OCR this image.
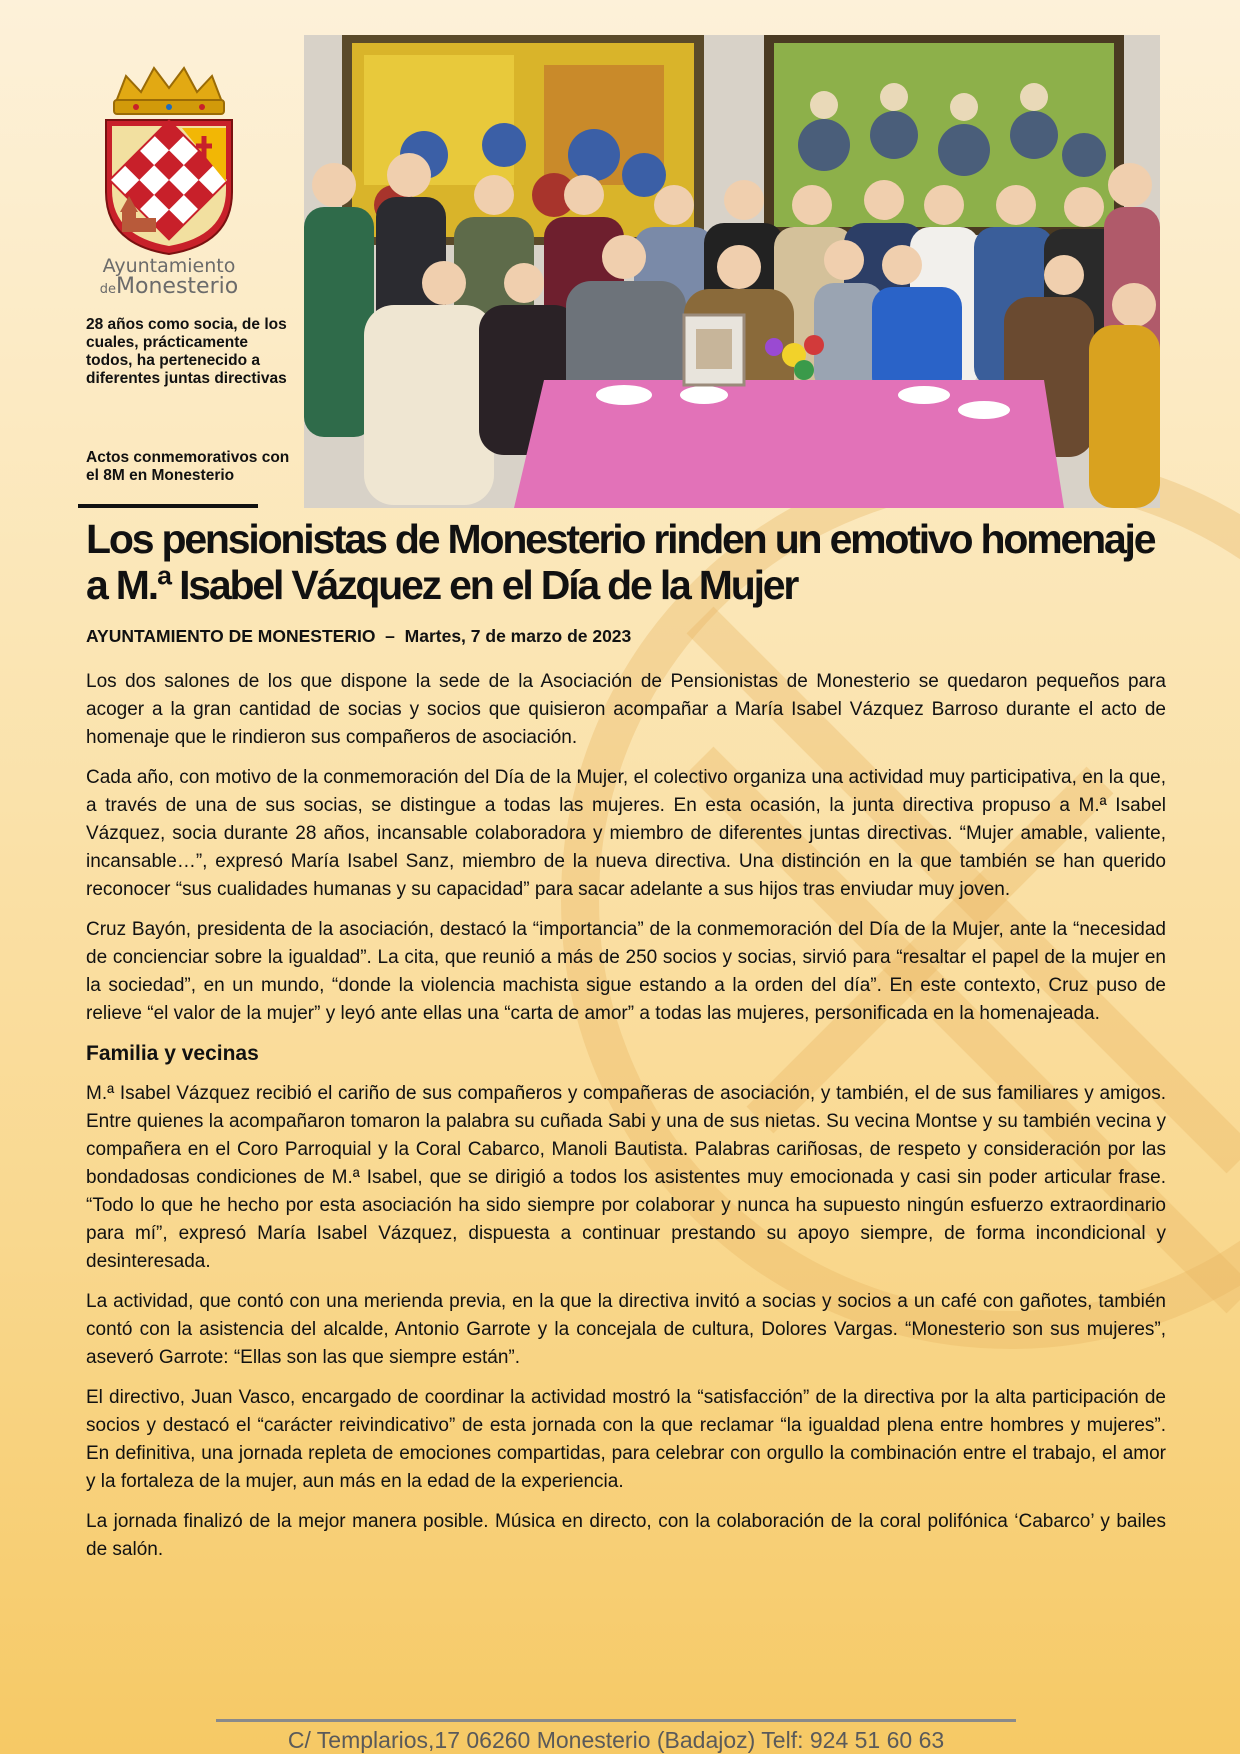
Ayuntamiento
deMonesterio
28 años como socia, de los cuales, prácticamente todos, ha pertenecido a diferentes juntas directivas
Actos conmemorativos con el 8M en Monesterio
Los pensionistas de Monesterio rinden un emotivo homenaje a M.ª Isabel Vázquez en el Día de la Mujer
AYUNTAMIENTO DE MONESTERIO – Martes, 7 de marzo de 2023

Los dos salones de los que dispone la sede de la Asociación de Pensionistas de Monesterio se quedaron pequeños para acoger a la gran cantidad de socias y socios que quisieron acompañar a María Isabel Vázquez Barroso durante el acto de homenaje que le rindieron sus compañeros de asociación.

Cada año, con motivo de la conmemoración del Día de la Mujer, el colectivo organiza una actividad muy participativa, en la que, a través de una de sus socias, se distingue a todas las mujeres. En esta ocasión, la junta directiva propuso a M.ª Isabel Vázquez, socia durante 28 años, incansable colaboradora y miembro de diferentes juntas directivas. “Mujer amable, valiente, incansable…”, expresó María Isabel Sanz, miembro de la nueva directiva. Una distinción en la que también se han querido reconocer “sus cualidades humanas y su capacidad” para sacar adelante a sus hijos tras enviudar muy joven.

Cruz Bayón, presidenta de la asociación, destacó la “importancia” de la conmemoración del Día de la Mujer, ante la “necesidad de concienciar sobre la igualdad”. La cita, que reunió a más de 250 socios y socias, sirvió para “resaltar el papel de la mujer en la sociedad”, en un mundo, “donde la violencia machista sigue estando a la orden del día”. En este contexto, Cruz puso de relieve “el valor de la mujer” y leyó ante ellas una “carta de amor” a todas las mujeres, personificada en la homenajeada.

Familia y vecinas

M.ª Isabel Vázquez recibió el cariño de sus compañeros y compañeras de asociación, y también, el de sus familiares y amigos. Entre quienes la acompañaron tomaron la palabra su cuñada Sabi y una de sus nietas. Su vecina Montse y su también vecina y compañera en el Coro Parroquial y la Coral Cabarco, Manoli Bautista. Palabras cariñosas, de respeto y consideración por las bondadosas condiciones de M.ª Isabel, que se dirigió a todos los asistentes muy emocionada y casi sin poder articular frase. “Todo lo que he hecho por esta asociación ha sido siempre por colaborar y nunca ha supuesto ningún esfuerzo extraordinario para mí”, expresó María Isabel Vázquez, dispuesta a continuar prestando su apoyo siempre, de forma incondicional y desinteresada.

La actividad, que contó con una merienda previa, en la que la directiva invitó a socias y socios a un café con gañotes, también contó con la asistencia del alcalde, Antonio Garrote y la concejala de cultura, Dolores Vargas. “Monesterio son sus mujeres”, aseveró Garrote: “Ellas son las que siempre están”.

El directivo, Juan Vasco, encargado de coordinar la actividad mostró la “satisfacción” de la directiva por la alta participación de socios y destacó el “carácter reivindicativo” de esta jornada con la que reclamar “la igualdad plena entre hombres y mujeres”. En definitiva, una jornada repleta de emociones compartidas, para celebrar con orgullo la combinación entre el trabajo, el amor y la fortaleza de la mujer, aun más en la edad de la experiencia.

La jornada finalizó de la mejor manera posible. Música en directo, con la colaboración de la coral polifónica ‘Cabarco’ y bailes de salón.

C/ Templarios,17 06260 Monesterio (Badajoz) Telf: 924 51 60 63
